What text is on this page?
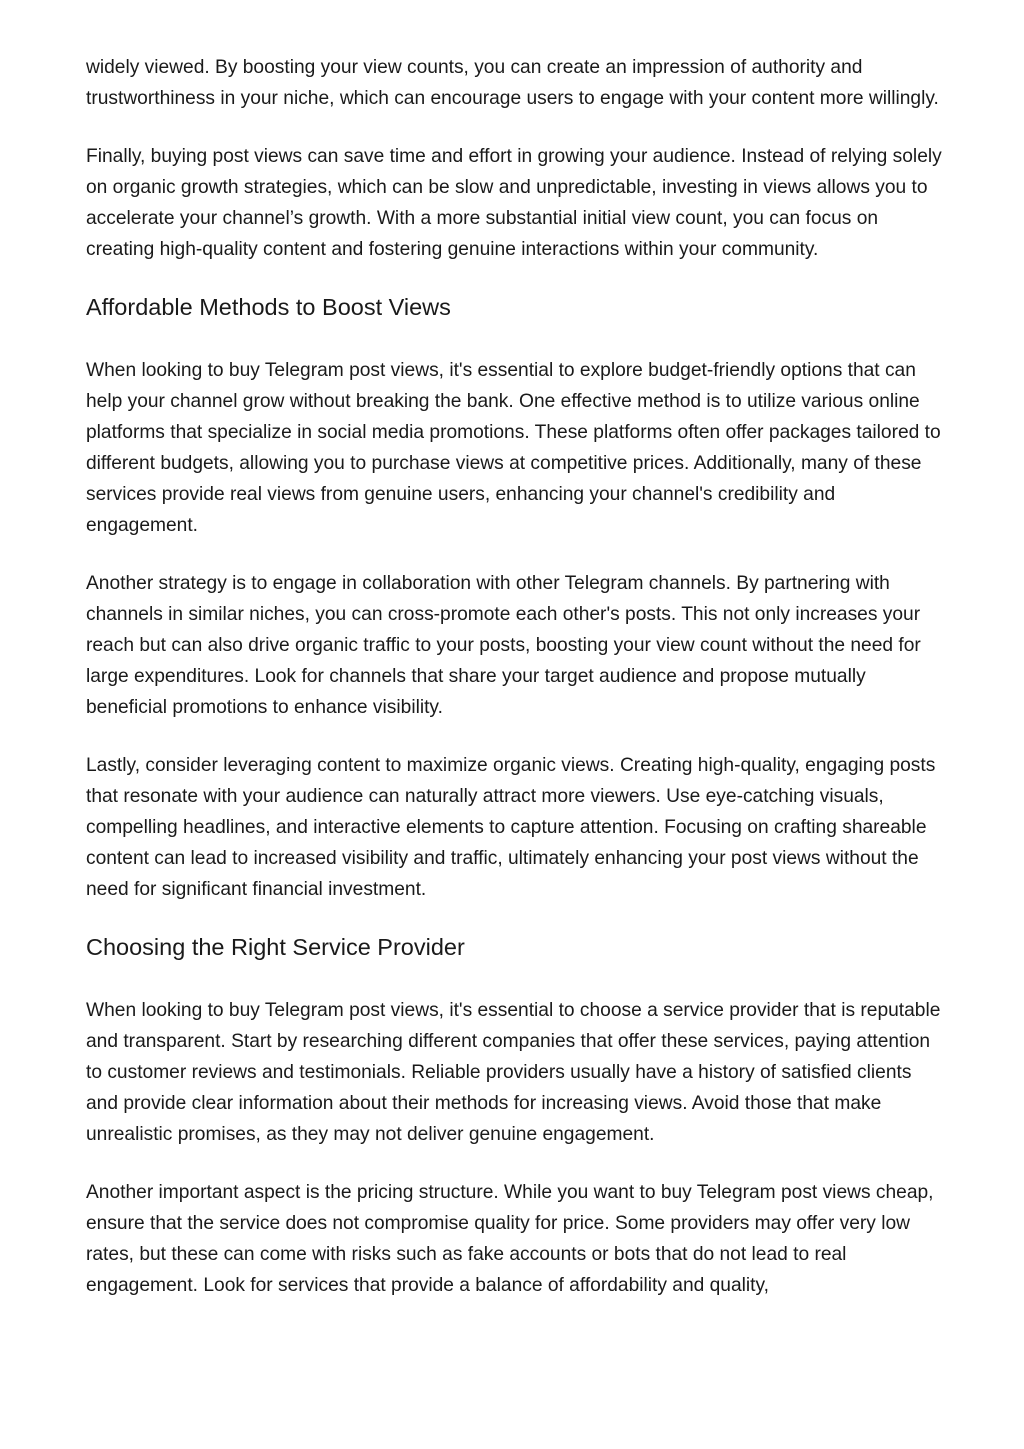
widely viewed. By boosting your view counts, you can create an impression of authority and trustworthiness in your niche, which can encourage users to engage with your content more willingly.

Finally, buying post views can save time and effort in growing your audience. Instead of relying solely on organic growth strategies, which can be slow and unpredictable, investing in views allows you to accelerate your channel’s growth. With a more substantial initial view count, you can focus on creating high-quality content and fostering genuine interactions within your community.

Affordable Methods to Boost Views

When looking to buy Telegram post views, it's essential to explore budget-friendly options that can help your channel grow without breaking the bank. One effective method is to utilize various online platforms that specialize in social media promotions. These platforms often offer packages tailored to different budgets, allowing you to purchase views at competitive prices. Additionally, many of these services provide real views from genuine users, enhancing your channel's credibility and engagement.

Another strategy is to engage in collaboration with other Telegram channels. By partnering with channels in similar niches, you can cross-promote each other's posts. This not only increases your reach but can also drive organic traffic to your posts, boosting your view count without the need for large expenditures. Look for channels that share your target audience and propose mutually beneficial promotions to enhance visibility.

Lastly, consider leveraging content to maximize organic views. Creating high-quality, engaging posts that resonate with your audience can naturally attract more viewers. Use eye-catching visuals, compelling headlines, and interactive elements to capture attention. Focusing on crafting shareable content can lead to increased visibility and traffic, ultimately enhancing your post views without the need for significant financial investment.

Choosing the Right Service Provider

When looking to buy Telegram post views, it's essential to choose a service provider that is reputable and transparent. Start by researching different companies that offer these services, paying attention to customer reviews and testimonials. Reliable providers usually have a history of satisfied clients and provide clear information about their methods for increasing views. Avoid those that make unrealistic promises, as they may not deliver genuine engagement.

Another important aspect is the pricing structure. While you want to buy Telegram post views cheap, ensure that the service does not compromise quality for price. Some providers may offer very low rates, but these can come with risks such as fake accounts or bots that do not lead to real engagement. Look for services that provide a balance of affordability and quality,
